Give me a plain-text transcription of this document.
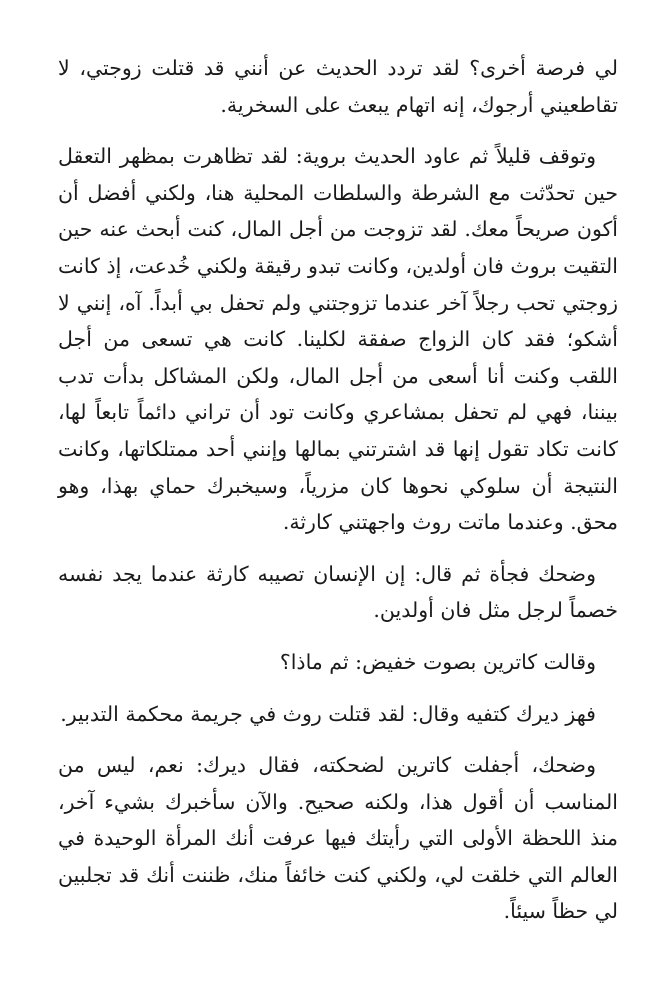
لي فرصة أخرى؟ لقد تردد الحديث عن أنني قد قتلت زوجتي، لا تقاطعيني أرجوك، إنه اتهام يبعث على السخرية.

وتوقف قليلاً ثم عاود الحديث بروية: لقد تظاهرت بمظهر التعقل حين تحدّثت مع الشرطة والسلطات المحلية هنا، ولكني أفضل أن أكون صريحاً معك. لقد تزوجت من أجل المال، كنت أبحث عنه حين التقيت بروث فان أولدين، وكانت تبدو رقيقة ولكني خُدعت، إذ كانت زوجتي تحب رجلاً آخر عندما تزوجتني ولم تحفل بي أبداً. آه، إنني لا أشكو؛ فقد كان الزواج صفقة لكلينا. كانت هي تسعى من أجل اللقب وكنت أنا أسعى من أجل المال، ولكن المشاكل بدأت تدب بيننا، فهي لم تحفل بمشاعري وكانت تود أن تراني دائماً تابعاً لها، كانت تكاد تقول إنها قد اشترتني بمالها وإنني أحد ممتلكاتها، وكانت النتيجة أن سلوكي نحوها كان مزرياً، وسيخبرك حماي بهذا، وهو محق. وعندما ماتت روث واجهتني كارثة.

وضحك فجأة ثم قال: إن الإنسان تصيبه كارثة عندما يجد نفسه خصماً لرجل مثل فان أولدين.

وقالت كاترين بصوت خفيض: ثم ماذا؟

فهز ديرك كتفيه وقال: لقد قتلت روث في جريمة محكمة التدبير.

وضحك، أجفلت كاترين لضحكته، فقال ديرك: نعم، ليس من المناسب أن أقول هذا، ولكنه صحيح. والآن سأخبرك بشيء آخر، منذ اللحظة الأولى التي رأيتك فيها عرفت أنك المرأة الوحيدة في العالم التي خلقت لي، ولكني كنت خائفاً منك، ظننت أنك قد تجلبين لي حظاً سيئاً.
